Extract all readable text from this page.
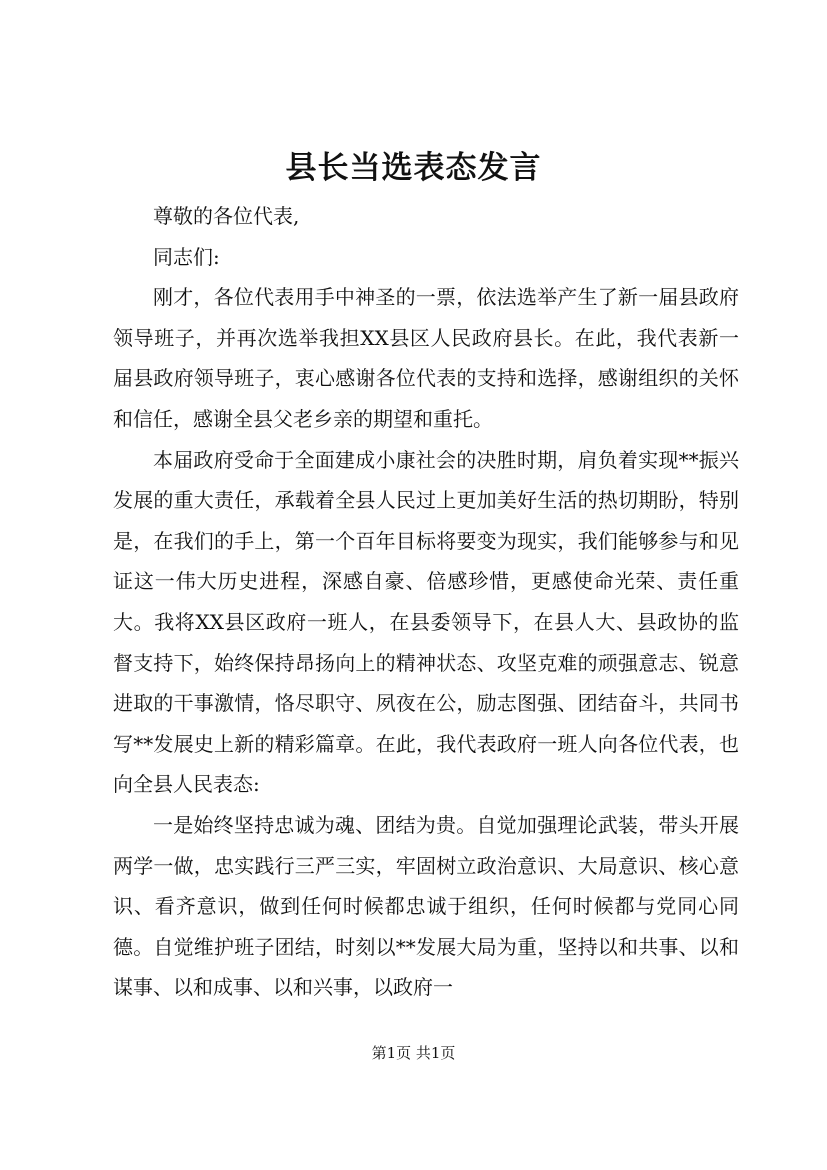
县长当选表态发言

尊敬的各位代表,

同志们:

刚才，各位代表用手中神圣的一票，依法选举产生了新一届县政府领导班子，并再次选举我担XX县区人民政府县长。在此，我代表新一届县政府领导班子，衷心感谢各位代表的支持和选择，感谢组织的关怀和信任，感谢全县父老乡亲的期望和重托。

本届政府受命于全面建成小康社会的决胜时期，肩负着实现**振兴发展的重大责任，承载着全县人民过上更加美好生活的热切期盼，特别是，在我们的手上，第一个百年目标将要变为现实，我们能够参与和见证这一伟大历史进程，深感自豪、倍感珍惜，更感使命光荣、责任重大。我将XX县区政府一班人，在县委领导下，在县人大、县政协的监督支持下，始终保持昂扬向上的精神状态、攻坚克难的顽强意志、锐意进取的干事激情，恪尽职守、夙夜在公，励志图强、团结奋斗，共同书写**发展史上新的精彩篇章。在此，我代表政府一班人向各位代表，也向全县人民表态:

一是始终坚持忠诚为魂、团结为贵。自觉加强理论武装，带头开展两学一做，忠实践行三严三实，牢固树立政治意识、大局意识、核心意识、看齐意识，做到任何时候都忠诚于组织，任何时候都与党同心同德。自觉维护班子团结，时刻以**发展大局为重，坚持以和共事、以和谋事、以和成事、以和兴事，以政府一

第1页 共1页
